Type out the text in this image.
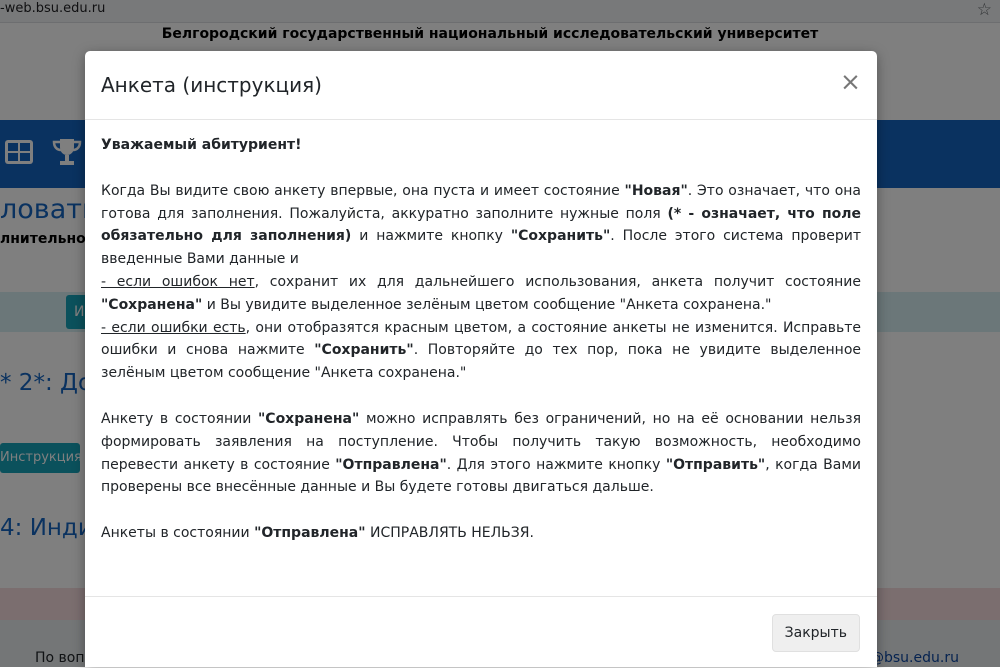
Анкета (инструкция)	×

Уважаемый абитуриент!

Когда Вы видите свою анкету впервые, она пуста и имеет состояние "Новая". Это означает, что она готова для заполнения. Пожалуйста, аккуратно заполните нужные поля (* - означает, что поле обязательно для заполнения) и нажмите кнопку "Сохранить". После этого система проверит введенные Вами данные и
- если ошибок нет, сохранит их для дальнейшего использования, анкета получит состояние "Сохранена" и Вы увидите выделенное зелёным цветом сообщение "Анкета сохранена."
- если ошибки есть, они отобразятся красным цветом, а состояние анкеты не изменится. Исправьте ошибки и снова нажмите "Сохранить". Повторяйте до тех пор, пока не увидите выделенное зелёным цветом сообщение "Анкета сохранена."

Анкету в состоянии "Сохранена" можно исправлять без ограничений, но на её основании нельзя формировать заявления на поступление. Чтобы получить такую возможность, необходимо перевести анкету в состояние "Отправлена". Для этого нажмите кнопку "Отправить", когда Вами проверены все внесённые данные и Вы будете готовы двигаться дальше.

Анкеты в состоянии "Отправлена" ИСПРАВЛЯТЬ НЕЛЬЗЯ.

Закрыть
